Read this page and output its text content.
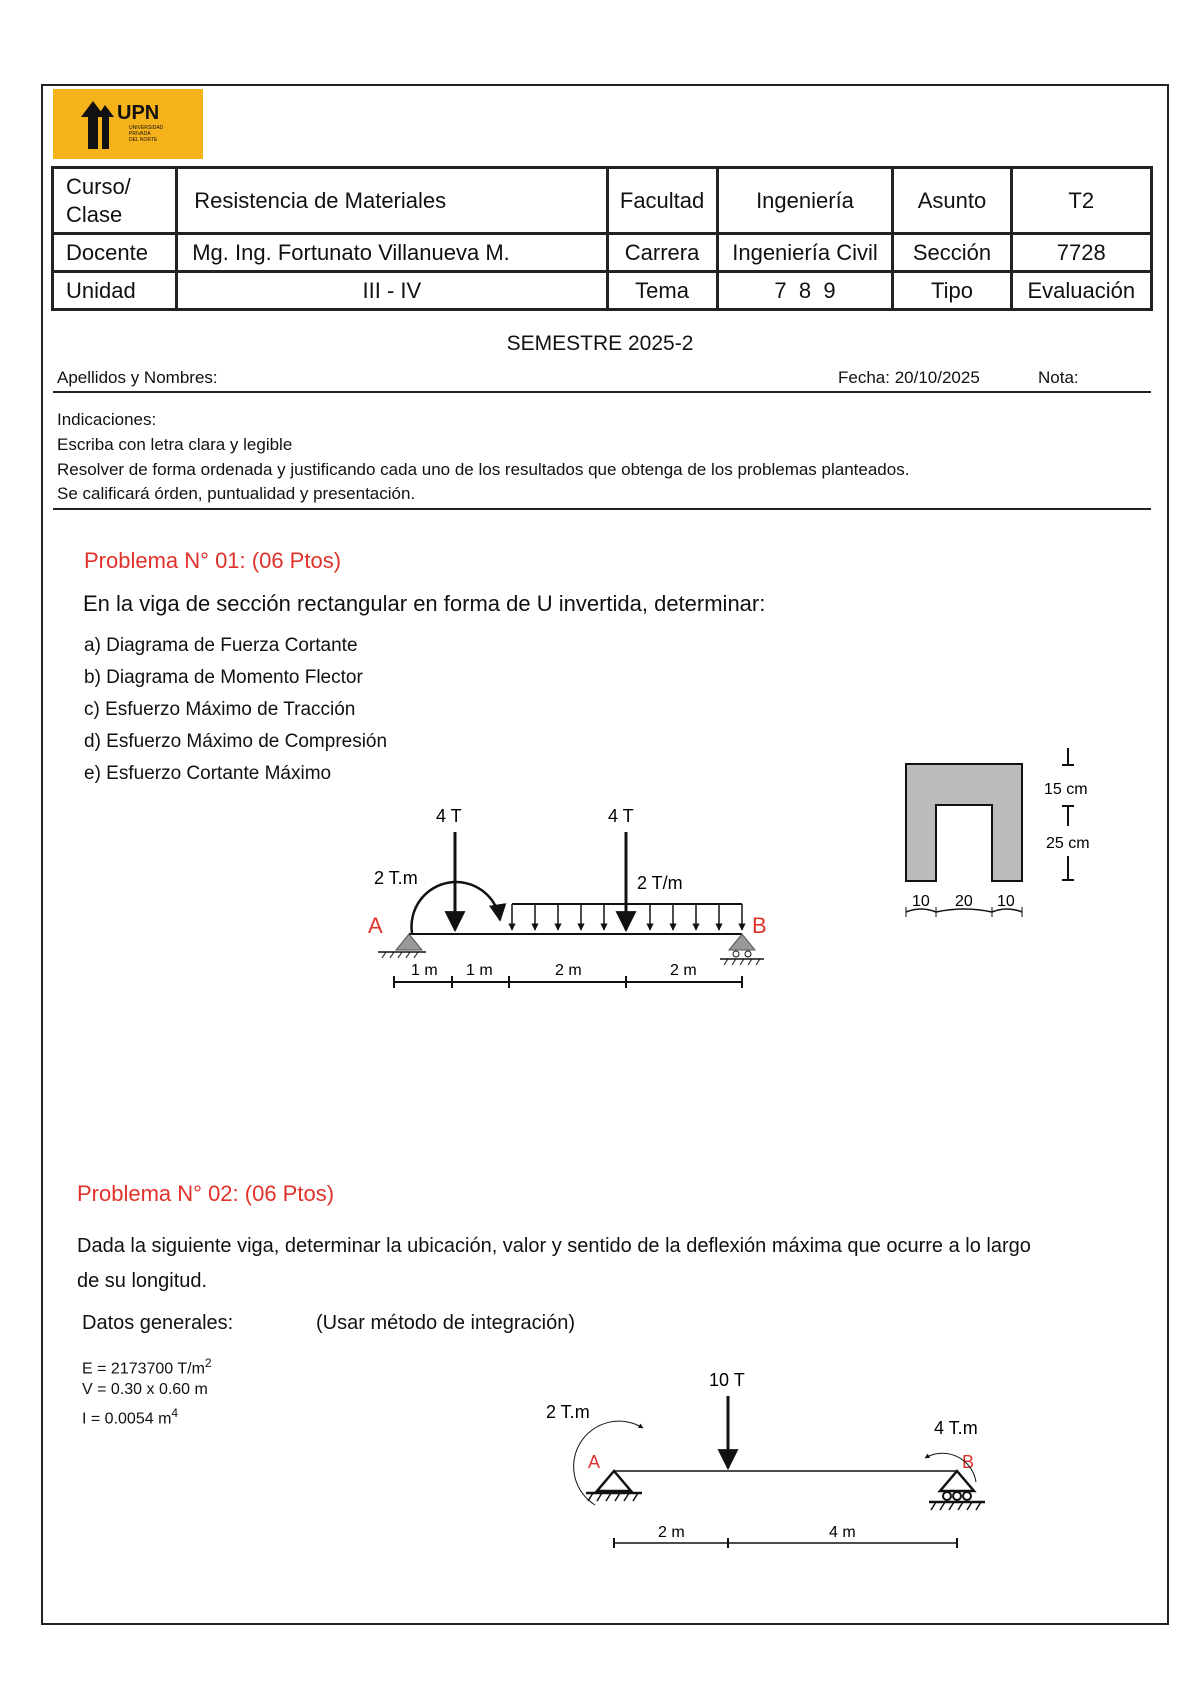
UPN
UNIVERSIDAD
PRIVADA
DEL NORTE
Curso/
Clase	Resistencia de Materiales	Facultad	Ingeniería	Asunto	T2
Docente	Mg. Ing. Fortunato Villanueva M.	Carrera	Ingeniería Civil	Sección	7728
Unidad	III - IV	Tema	7  8  9	Tipo	Evaluación
SEMESTRE 2025-2
Apellidos y Nombres:	Fecha: 20/10/2025	Nota:
Indicaciones:
Escriba con letra clara y legible
Resolver de forma ordenada y justificando cada uno de los resultados que obtenga de los problemas planteados.
Se calificará órden, puntualidad y presentación.
Problema N° 01: (06 Ptos)
En la viga de sección rectangular en forma de U invertida, determinar:
a) Diagrama de Fuerza Cortante
b) Diagrama de Momento Flector
c) Esfuerzo Máximo de Tracción
d) Esfuerzo Máximo de Compresión
e) Esfuerzo Cortante Máximo
A	B
4 T	4 T
2 T.m	2 T/m
1 m 1 m	2 m	2 m
15 cm
25 cm
10 20 10
A	B
10 T
2 T.m
4 T.m
2 m	4 m
Problema N° 02: (06 Ptos)
Dada la siguiente viga, determinar la ubicación, valor y sentido de la deflexión máxima que ocurre a lo largo
de su longitud.
Datos generales:	(Usar método de integración)
E = 2173700 $T/m^2$
V = 0.30 x 0.60 m
I = 0.0054 $m^4$
